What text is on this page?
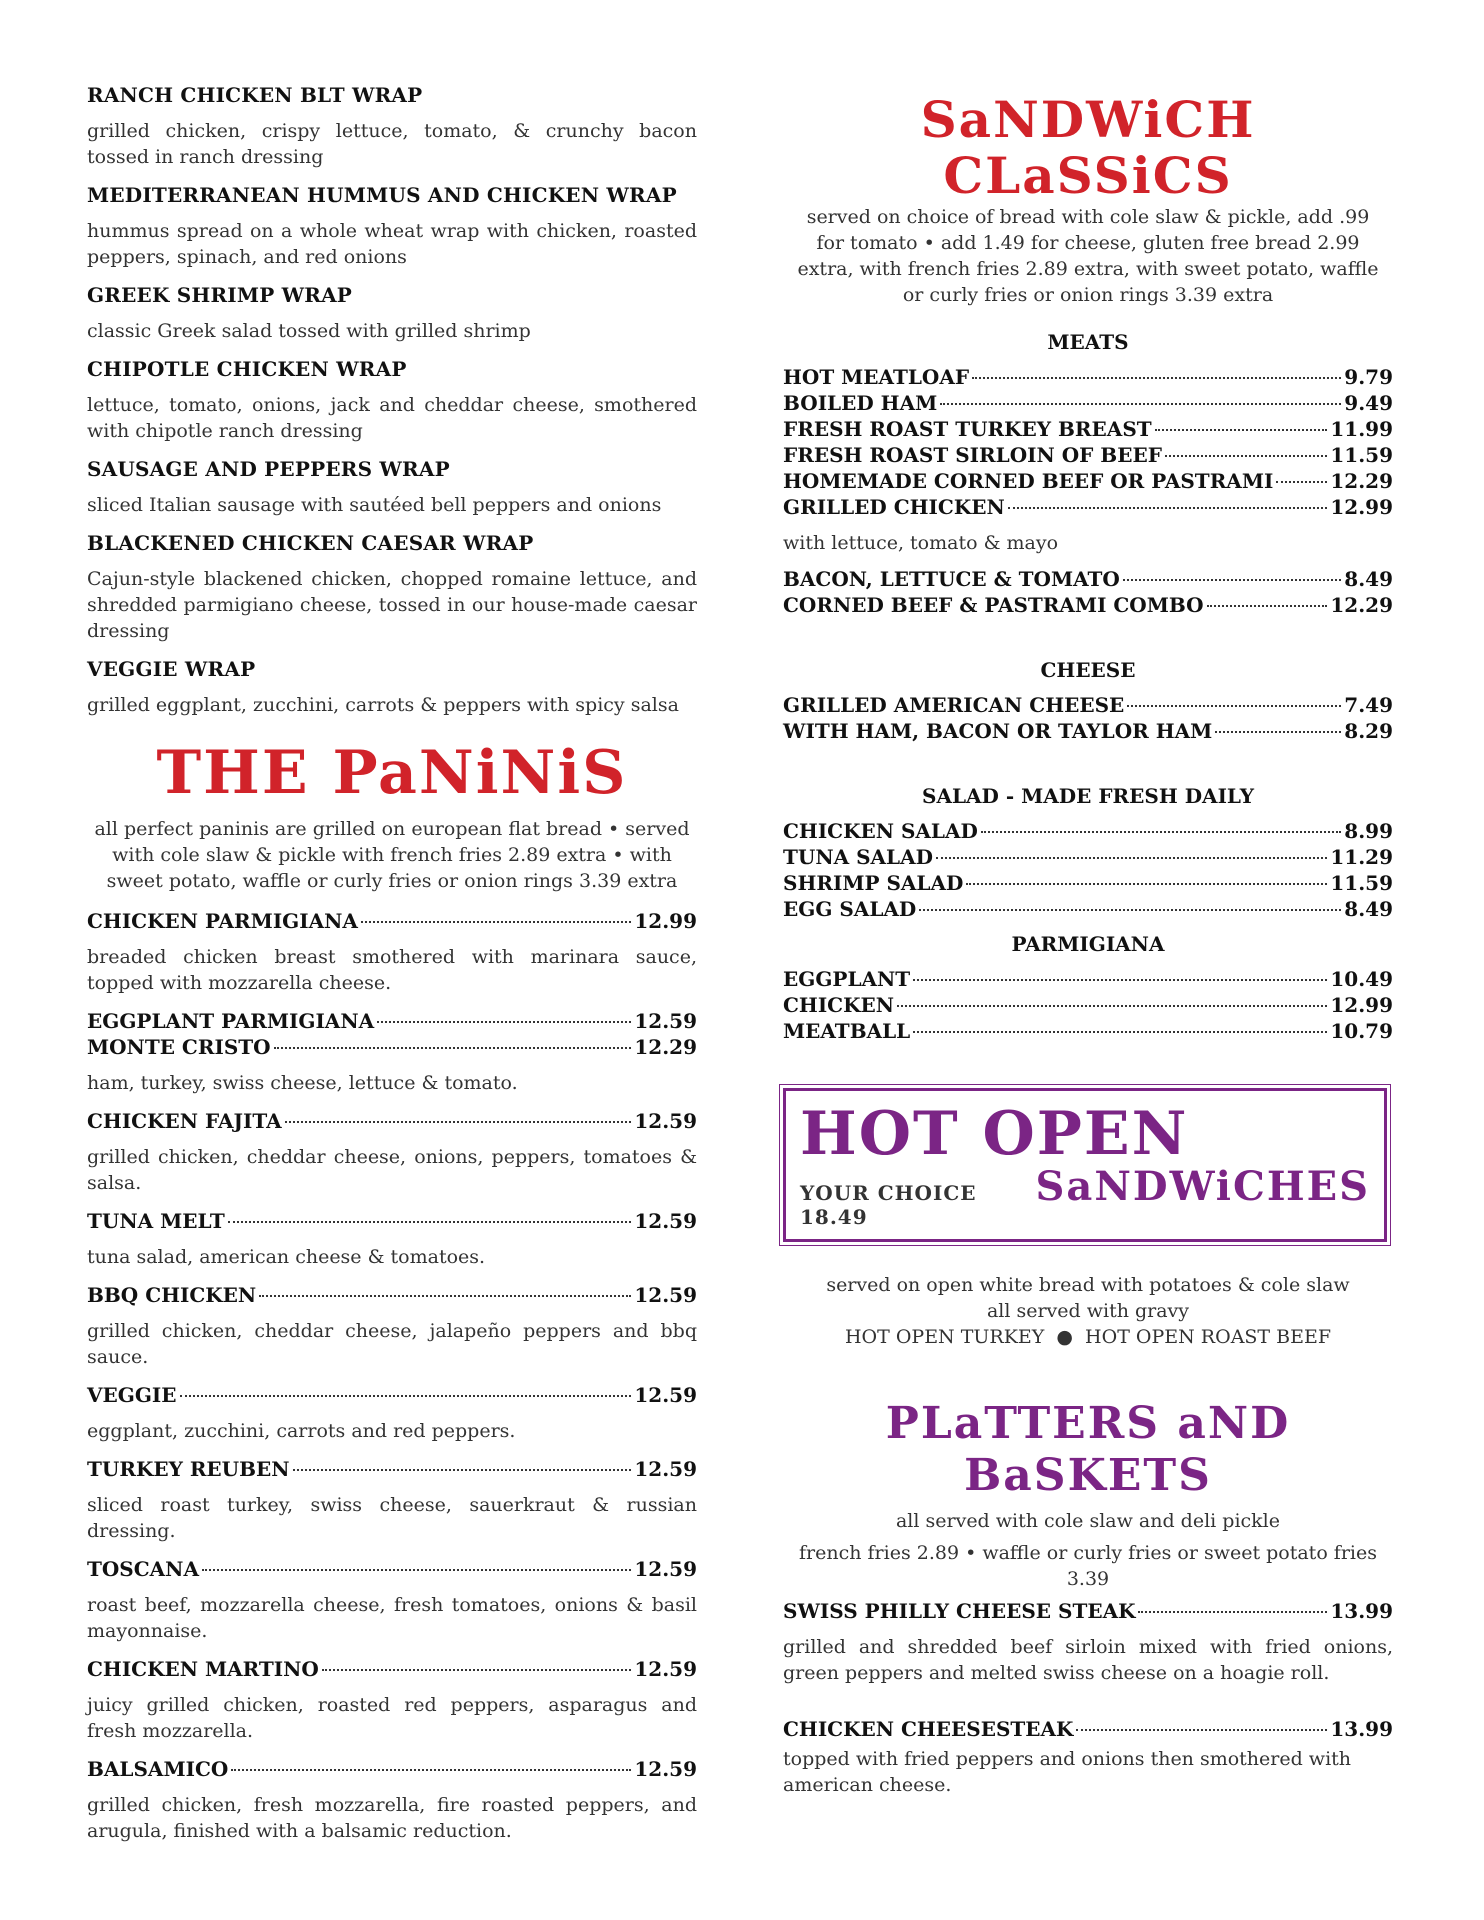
RANCH CHICKEN BLT WRAP
grilled chicken, crispy lettuce, tomato, & crunchy bacon tossed in ranch dressing
MEDITERRANEAN HUMMUS AND CHICKEN WRAP
hummus spread on a whole wheat wrap with chicken, roasted peppers, spinach, and red onions
GREEK SHRIMP WRAP
classic Greek salad tossed with grilled shrimp
CHIPOTLE CHICKEN WRAP
lettuce, tomato, onions, jack and cheddar cheese, smothered with chipotle ranch dressing
SAUSAGE AND PEPPERS WRAP
sliced Italian sausage with sautéed bell peppers and onions
BLACKENED CHICKEN CAESAR WRAP
Cajun-style blackened chicken, chopped romaine lettuce, and shredded parmigiano cheese, tossed in our house-made caesar dressing
VEGGIE WRAP
grilled eggplant, zucchini, carrots & peppers with spicy salsa
THE PaNiNiS
all perfect paninis are grilled on european flat bread • served with cole slaw & pickle with french fries 2.89 extra • with sweet potato, waffle or curly fries or onion rings 3.39 extra
CHICKEN PARMIGIANA	12.99
breaded chicken breast smothered with marinara sauce, topped with mozzarella cheese.
EGGPLANT PARMIGIANA	12.59
MONTE CRISTO	12.29
ham, turkey, swiss cheese, lettuce & tomato.
CHICKEN FAJITA	12.59
grilled chicken, cheddar cheese, onions, peppers, tomatoes & salsa.
TUNA MELT	12.59
tuna salad, american cheese & tomatoes.
BBQ CHICKEN	12.59
grilled chicken, cheddar cheese, jalapeño peppers and bbq sauce.
VEGGIE	12.59
eggplant, zucchini, carrots and red peppers.
TURKEY REUBEN	12.59
sliced roast turkey, swiss cheese, sauerkraut & russian dressing.
TOSCANA	12.59
roast beef, mozzarella cheese, fresh tomatoes, onions & basil mayonnaise.
CHICKEN MARTINO	12.59
juicy grilled chicken, roasted red peppers, asparagus and fresh mozzarella.
BALSAMICO	12.59
grilled chicken, fresh mozzarella, fire roasted peppers, and arugula, finished with a balsamic reduction.
SaNDWiCH CLaSSiCS
served on choice of bread with cole slaw & pickle, add .99 for tomato • add 1.49 for cheese, gluten free bread 2.99 extra, with french fries 2.89 extra, with sweet potato, waffle or curly fries or onion rings 3.39 extra
MEATS
HOT MEATLOAF	9.79
BOILED HAM	9.49
FRESH ROAST TURKEY BREAST	11.99
FRESH ROAST SIRLOIN OF BEEF	11.59
HOMEMADE CORNED BEEF OR PASTRAMI	12.29
GRILLED CHICKEN	12.99
with lettuce, tomato & mayo
BACON, LETTUCE & TOMATO	8.49
CORNED BEEF & PASTRAMI COMBO	12.29
CHEESE
GRILLED AMERICAN CHEESE	7.49
WITH HAM, BACON OR TAYLOR HAM	8.29
SALAD - MADE FRESH DAILY
CHICKEN SALAD	8.99
TUNA SALAD	11.29
SHRIMP SALAD	11.59
EGG SALAD	8.49
PARMIGIANA
EGGPLANT	10.49
CHICKEN	12.99
MEATBALL	10.79
HOT OPEN
YOUR CHOICE 18.49
SaNDWiCHES
served on open white bread with potatoes & cole slaw
all served with gravy
HOT OPEN TURKEY  ●  HOT OPEN ROAST BEEF
PLaTTERS aND BaSKETS
all served with cole slaw and deli pickle
french fries 2.89 • waffle or curly fries or sweet potato fries 3.39
SWISS PHILLY CHEESE STEAK	13.99
grilled and shredded beef sirloin mixed with fried onions, green peppers and melted swiss cheese on a hoagie roll.
CHICKEN CHEESESTEAK	13.99
topped with fried peppers and onions then smothered with american cheese.
